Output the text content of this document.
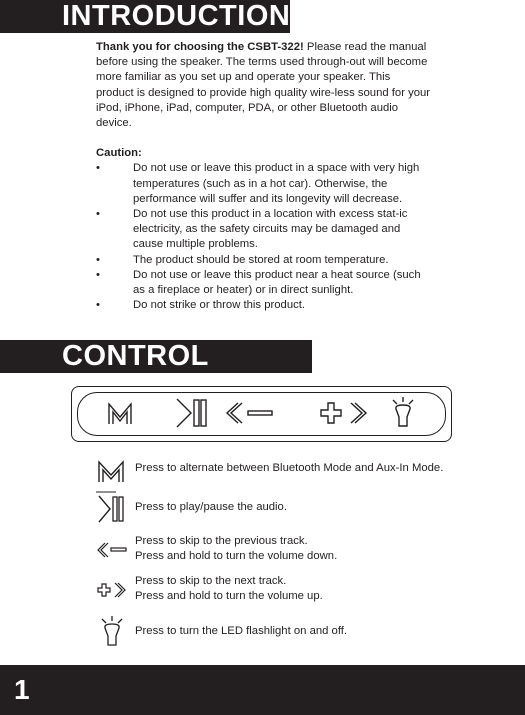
INTRODUCTION

Thank you for choosing the CSBT-322! Please read the manual before using the speaker. The terms used through-out will become more familiar as you set up and operate your speaker. This product is designed to provide high quality wire-less sound for your iPod, iPhone, iPad, computer, PDA, or other Bluetooth audio device.

Caution:

•	Do not use or leave this product in a space with very high temperatures (such as in a hot car). Otherwise, the performance will suffer and its longevity will decrease.
•	Do not use this product in a location with excess stat-ic electricity, as the safety circuits may be damaged and cause multiple problems.
•	The product should be stored at room temperature.
•	Do not use or leave this product near a heat source (such as a fireplace or heater) or in direct sunlight.
•	Do not strike or throw this product.
CONTROL PANEL
Press to alternate between Bluetooth Mode and Aux-In Mode.
Press to play/pause the audio.
Press to skip to the previous track.
Press and hold to turn the volume down.
Press to skip to the next track.
Press and hold to turn the volume up.
Press to turn the LED flashlight on and off.
1
